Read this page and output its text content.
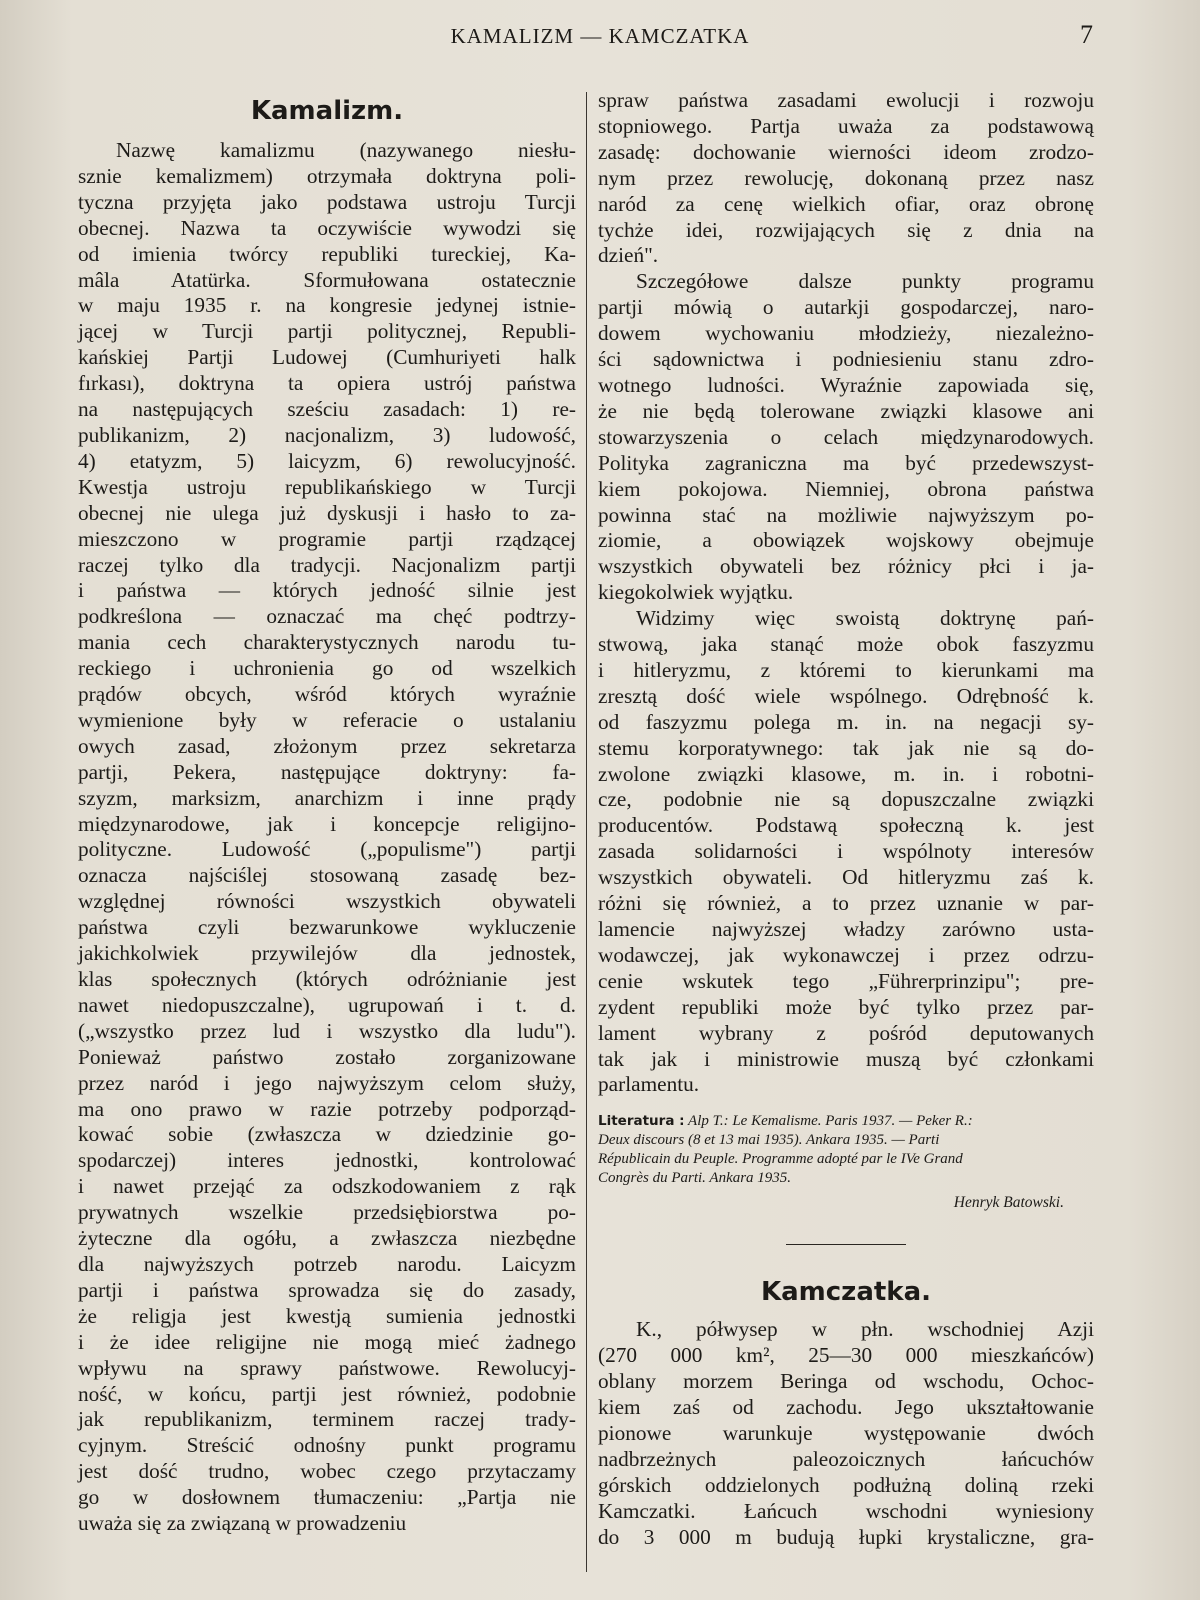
KAMALIZM — KAMCZATKA	7
Kamalizm.
Nazwę kamalizmu (nazywanego niesłu-
sznie kemalizmem) otrzymała doktryna poli-
tyczna przyjęta jako podstawa ustroju Turcji
obecnej. Nazwa ta oczywiście wywodzi się
od imienia twórcy republiki tureckiej, Ka-
mâla Atatürka. Sformułowana ostatecznie
w maju 1935 r. na kongresie jedynej istnie-
jącej w Turcji partji politycznej, Republi-
kańskiej Partji Ludowej (Cumhuriyeti halk
fırkası), doktryna ta opiera ustrój państwa
na następujących sześciu zasadach: 1) re-
publikanizm, 2) nacjonalizm, 3) ludowość,
4) etatyzm, 5) laicyzm, 6) rewolucyjność.
Kwestja ustroju republikańskiego w Turcji
obecnej nie ulega już dyskusji i hasło to za-
mieszczono w programie partji rządzącej
raczej tylko dla tradycji. Nacjonalizm partji
i państwa — których jedność silnie jest
podkreślona — oznaczać ma chęć podtrzy-
mania cech charakterystycznych narodu tu-
reckiego i uchronienia go od wszelkich
prądów obcych, wśród których wyraźnie
wymienione były w referacie o ustalaniu
owych zasad, złożonym przez sekretarza
partji, Pekera, następujące doktryny: fa-
szyzm, marksizm, anarchizm i inne prądy
międzynarodowe, jak i koncepcje religijno-
polityczne. Ludowość („populisme") partji
oznacza najściślej stosowaną zasadę bez-
względnej równości wszystkich obywateli
państwa czyli bezwarunkowe wykluczenie
jakichkolwiek przywilejów dla jednostek,
klas społecznych (których odróżnianie jest
nawet niedopuszczalne), ugrupowań i t. d.
(„wszystko przez lud i wszystko dla ludu").
Ponieważ państwo zostało zorganizowane
przez naród i jego najwyższym celom służy,
ma ono prawo w razie potrzeby podporząd-
kować sobie (zwłaszcza w dziedzinie go-
spodarczej) interes jednostki, kontrolować
i nawet przejąć za odszkodowaniem z rąk
prywatnych wszelkie przedsiębiorstwa po-
żyteczne dla ogółu, a zwłaszcza niezbędne
dla najwyższych potrzeb narodu. Laicyzm
partji i państwa sprowadza się do zasady,
że religja jest kwestją sumienia jednostki
i że idee religijne nie mogą mieć żadnego
wpływu na sprawy państwowe. Rewolucyj-
ność, w końcu, partji jest również, podobnie
jak republikanizm, terminem raczej trady-
cyjnym. Streścić odnośny punkt programu
jest dość trudno, wobec czego przytaczamy
go w dosłownem tłumaczeniu: „Partja nie
uważa się za związaną w prowadzeniu
spraw państwa zasadami ewolucji i rozwoju
stopniowego. Partja uważa za podstawową
zasadę: dochowanie wierności ideom zrodzo-
nym przez rewolucję, dokonaną przez nasz
naród za cenę wielkich ofiar, oraz obronę
tychże idei, rozwijających się z dnia na
dzień".
Szczegółowe dalsze punkty programu
partji mówią o autarkji gospodarczej, naro-
dowem wychowaniu młodzieży, niezależno-
ści sądownictwa i podniesieniu stanu zdro-
wotnego ludności. Wyraźnie zapowiada się,
że nie będą tolerowane związki klasowe ani
stowarzyszenia o celach międzynarodowych.
Polityka zagraniczna ma być przedewszyst-
kiem pokojowa. Niemniej, obrona państwa
powinna stać na możliwie najwyższym po-
ziomie, a obowiązek wojskowy obejmuje
wszystkich obywateli bez różnicy płci i ja-
kiegokolwiek wyjątku.
Widzimy więc swoistą doktrynę pań-
stwową, jaka stanąć może obok faszyzmu
i hitleryzmu, z któremi to kierunkami ma
zresztą dość wiele wspólnego. Odrębność k.
od faszyzmu polega m. in. na negacji sy-
stemu korporatywnego: tak jak nie są do-
zwolone związki klasowe, m. in. i robotni-
cze, podobnie nie są dopuszczalne związki
producentów. Podstawą społeczną k. jest
zasada solidarności i wspólnoty interesów
wszystkich obywateli. Od hitleryzmu zaś k.
różni się również, a to przez uznanie w par-
lamencie najwyższej władzy zarówno usta-
wodawczej, jak wykonawczej i przez odrzu-
cenie wskutek tego „Führerprinzipu"; pre-
zydent republiki może być tylko przez par-
lament wybrany z pośród deputowanych
tak jak i ministrowie muszą być członkami
parlamentu.
Literatura : Alp T.: Le Kemalisme. Paris 1937. — Peker R.:
Deux discours (8 et 13 mai 1935). Ankara 1935. — Parti
Républicain du Peuple. Programme adopté par le IVe Grand
Congrès du Parti. Ankara 1935.
Henryk Batowski.
Kamczatka.
K., półwysep w płn. wschodniej Azji
(270 000 km², 25—30 000 mieszkańców)
oblany morzem Beringa od wschodu, Ochoc-
kiem zaś od zachodu. Jego ukształtowanie
pionowe warunkuje występowanie dwóch
nadbrzeżnych paleozoicznych łańcuchów
górskich oddzielonych podłużną doliną rzeki
Kamczatki. Łańcuch wschodni wyniesiony
do 3 000 m budują łupki krystaliczne, gra-
